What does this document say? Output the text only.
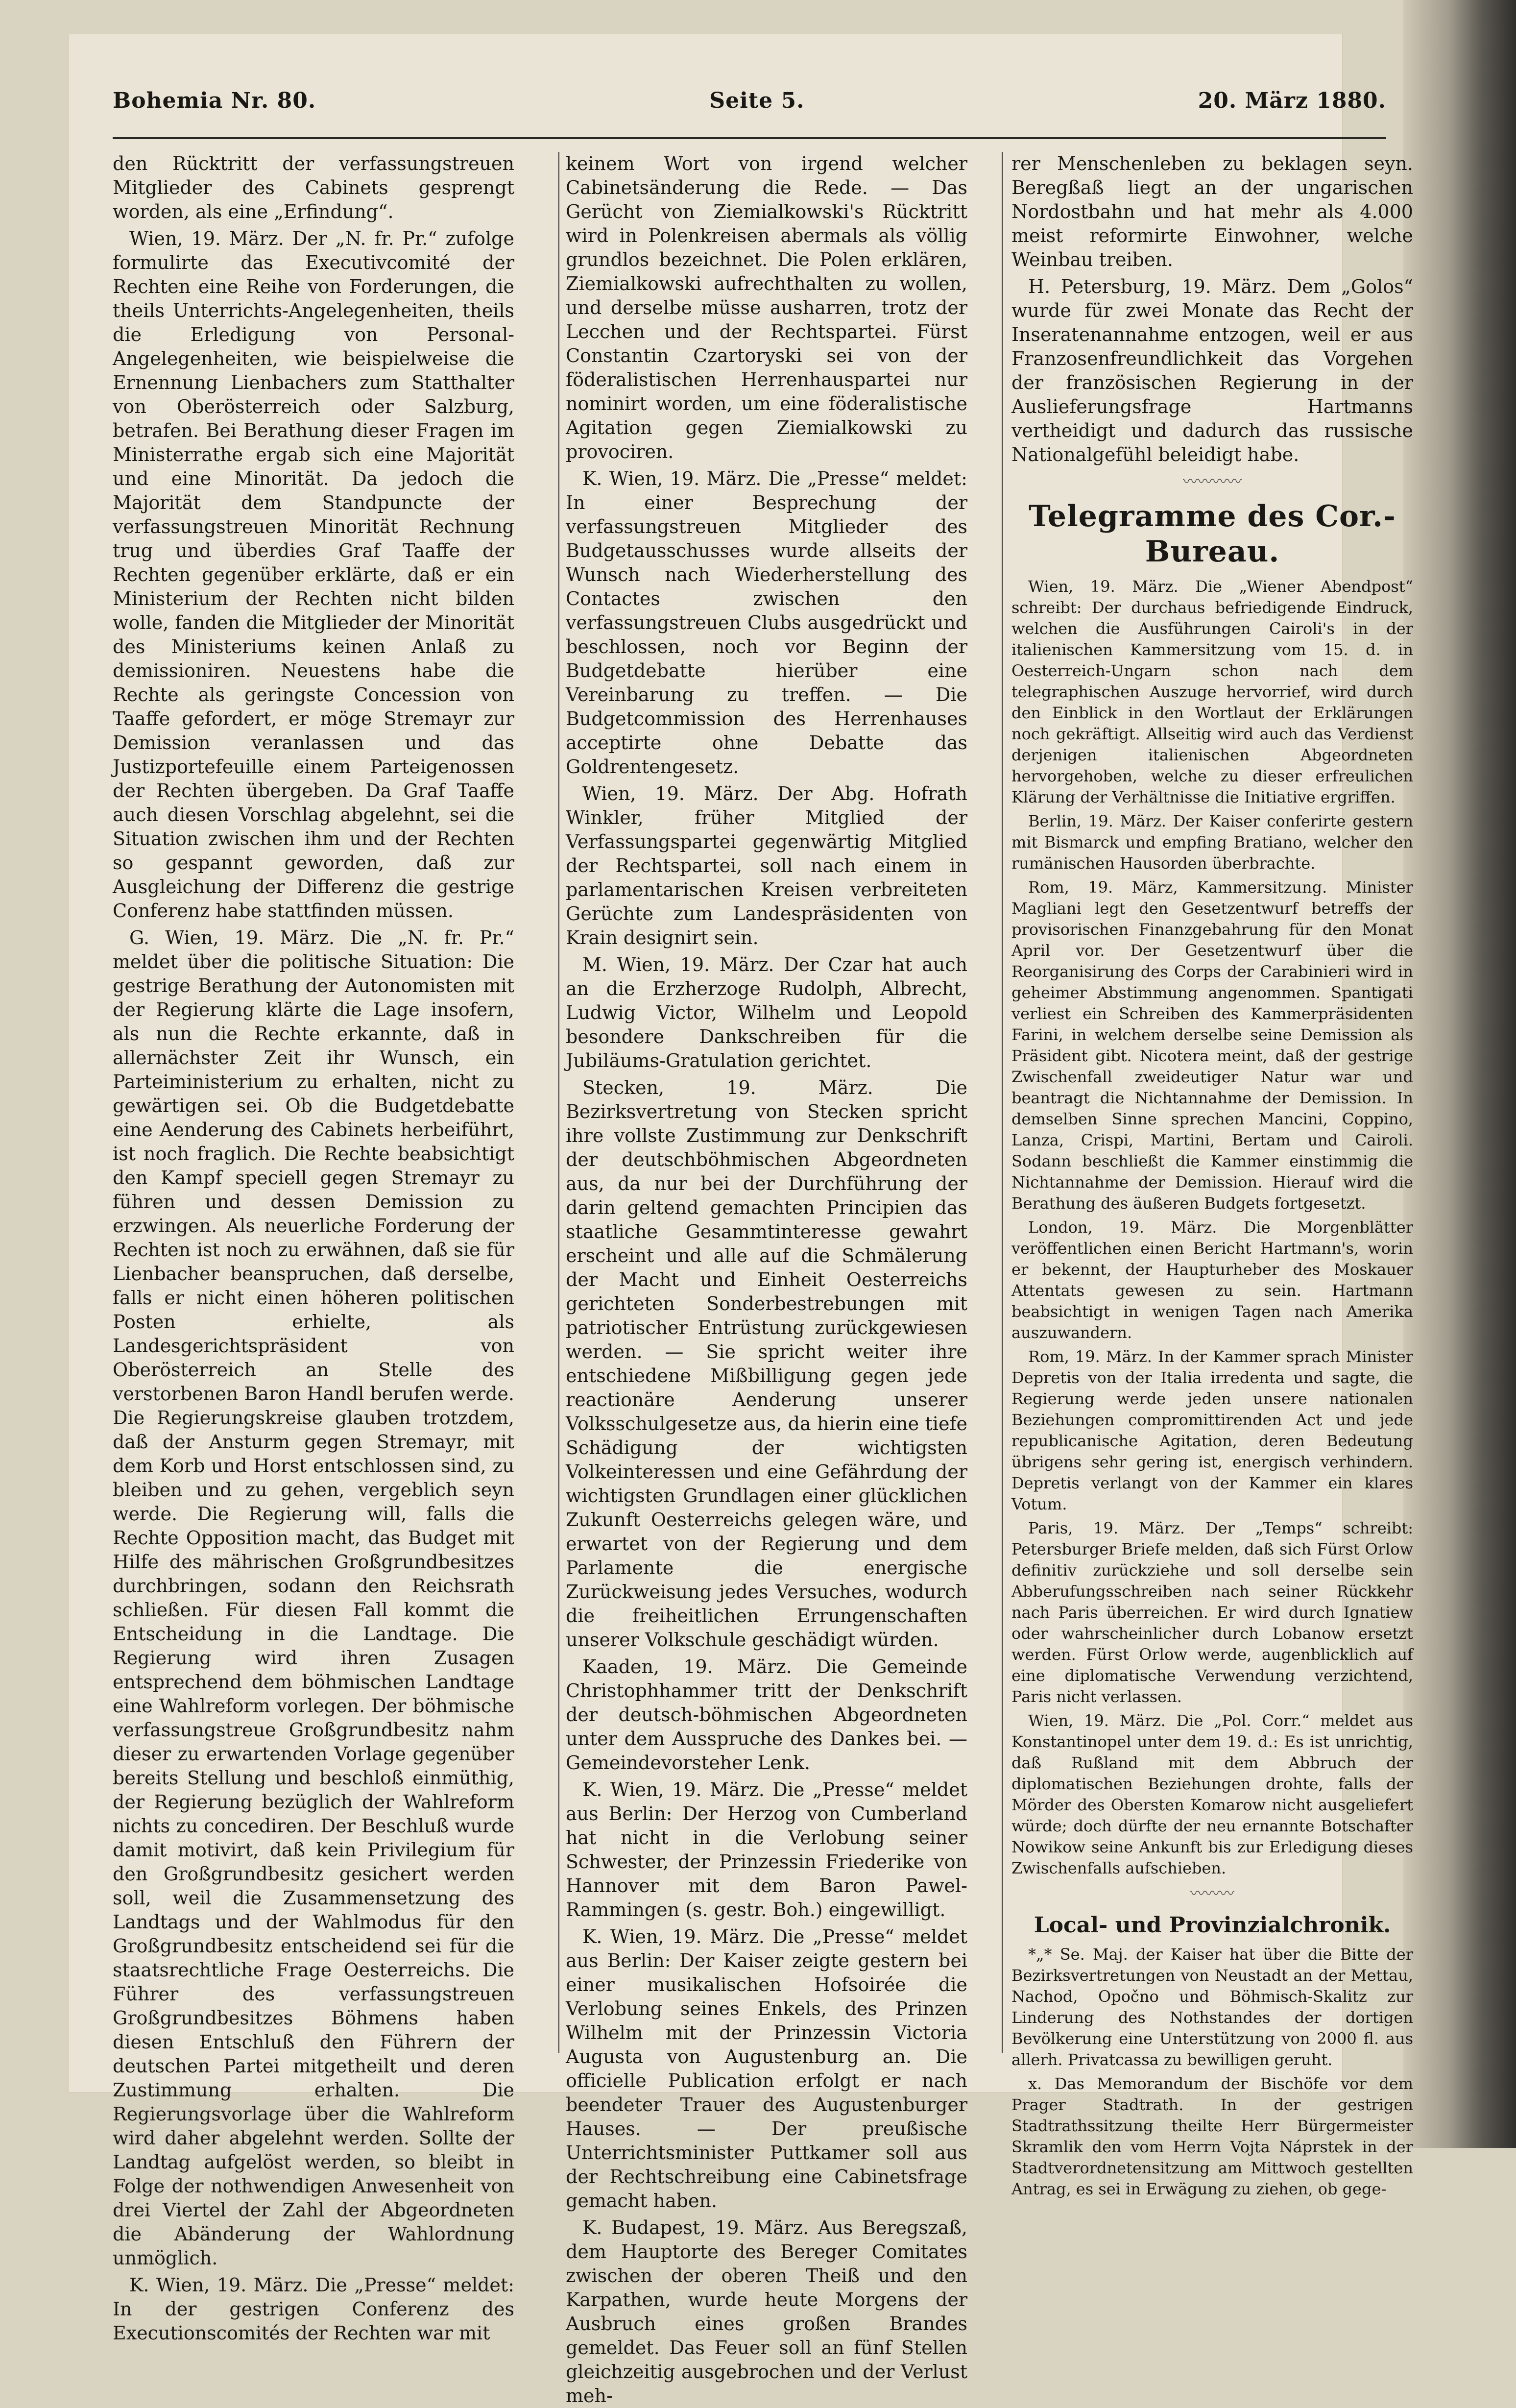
Bohemia Nr. 80.	Seite 5.	20. März 1880.

den Rücktritt der verfassungstreuen Mitglieder des Cabinets gesprengt worden, als eine „Erfindung“.

Wien, 19. März. Der „N. fr. Pr.“ zufolge formulirte das Executivcomité der Rechten eine Reihe von Forderungen, die theils Unterrichts-Angelegenheiten, theils die Erledigung von Personal-Angelegenheiten, wie beispielweise die Ernennung Lienbachers zum Statthalter von Oberösterreich oder Salzburg, betrafen. Bei Berathung dieser Fragen im Ministerrathe ergab sich eine Majorität und eine Minorität. Da jedoch die Majorität dem Standpuncte der verfassungstreuen Minorität Rechnung trug und überdies Graf Taaffe der Rechten gegenüber erklärte, daß er ein Ministerium der Rechten nicht bilden wolle, fanden die Mitglieder der Minorität des Ministeriums keinen Anlaß zu demissioniren. Neuestens habe die Rechte als geringste Concession von Taaffe gefordert, er möge Stremayr zur Demission veranlassen und das Justizportefeuille einem Parteigenossen der Rechten übergeben. Da Graf Taaffe auch diesen Vorschlag abgelehnt, sei die Situation zwischen ihm und der Rechten so gespannt geworden, daß zur Ausgleichung der Differenz die gestrige Conferenz habe stattfinden müssen.

G. Wien, 19. März. Die „N. fr. Pr.“ meldet über die politische Situation: Die gestrige Berathung der Autonomisten mit der Regierung klärte die Lage insofern, als nun die Rechte erkannte, daß in allernächster Zeit ihr Wunsch, ein Parteiministerium zu erhalten, nicht zu gewärtigen sei. Ob die Budgetdebatte eine Aenderung des Cabinets herbeiführt, ist noch fraglich. Die Rechte beabsichtigt den Kampf speciell gegen Stremayr zu führen und dessen Demission zu erzwingen. Als neuerliche Forderung der Rechten ist noch zu erwähnen, daß sie für Lienbacher beanspruchen, daß derselbe, falls er nicht einen höheren politischen Posten erhielte, als Landesgerichtspräsident von Oberösterreich an Stelle des verstorbenen Baron Handl berufen werde. Die Regierungskreise glauben trotzdem, daß der Ansturm gegen Stremayr, mit dem Korb und Horst entschlossen sind, zu bleiben und zu gehen, vergeblich seyn werde. Die Regierung will, falls die Rechte Opposition macht, das Budget mit Hilfe des mährischen Großgrundbesitzes durchbringen, sodann den Reichsrath schließen. Für diesen Fall kommt die Entscheidung in die Landtage. Die Regierung wird ihren Zusagen entsprechend dem böhmischen Landtage eine Wahlreform vorlegen. Der böhmische verfassungstreue Großgrundbesitz nahm dieser zu erwartenden Vorlage gegenüber bereits Stellung und beschloß einmüthig, der Regierung bezüglich der Wahlreform nichts zu concediren. Der Beschluß wurde damit motivirt, daß kein Privilegium für den Großgrundbesitz gesichert werden soll, weil die Zusammensetzung des Landtags und der Wahlmodus für den Großgrundbesitz entscheidend sei für die staatsrechtliche Frage Oesterreichs. Die Führer des verfassungstreuen Großgrundbesitzes Böhmens haben diesen Entschluß den Führern der deutschen Partei mitgetheilt und deren Zustimmung erhalten. Die Regierungsvorlage über die Wahlreform wird daher abgelehnt werden. Sollte der Landtag aufgelöst werden, so bleibt in Folge der nothwendigen Anwesenheit von drei Viertel der Zahl der Abgeordneten die Abänderung der Wahlordnung unmöglich.

K. Wien, 19. März. Die „Presse“ meldet: In der gestrigen Conferenz des Executionscomités der Rechten war mit

keinem Wort von irgend welcher Cabinetsänderung die Rede. — Das Gerücht von Ziemialkowski's Rücktritt wird in Polenkreisen abermals als völlig grundlos bezeichnet. Die Polen erklären, Ziemialkowski aufrechthalten zu wollen, und derselbe müsse ausharren, trotz der Lecchen und der Rechtspartei. Fürst Constantin Czartoryski sei von der föderalistischen Herrenhauspartei nur nominirt worden, um eine föderalistische Agitation gegen Ziemialkowski zu provociren.

K. Wien, 19. März. Die „Presse“ meldet: In einer Besprechung der verfassungstreuen Mitglieder des Budgetausschusses wurde allseits der Wunsch nach Wiederherstellung des Contactes zwischen den verfassungstreuen Clubs ausgedrückt und beschlossen, noch vor Beginn der Budgetdebatte hierüber eine Vereinbarung zu treffen. — Die Budgetcommission des Herrenhauses acceptirte ohne Debatte das Goldrentengesetz.

Wien, 19. März. Der Abg. Hofrath Winkler, früher Mitglied der Verfassungspartei gegenwärtig Mitglied der Rechtspartei, soll nach einem in parlamentarischen Kreisen verbreiteten Gerüchte zum Landespräsidenten von Krain designirt sein.

M. Wien, 19. März. Der Czar hat auch an die Erzherzoge Rudolph, Albrecht, Ludwig Victor, Wilhelm und Leopold besondere Dankschreiben für die Jubiläums-Gratulation gerichtet.

Stecken, 19. März. Die Bezirksvertretung von Stecken spricht ihre vollste Zustimmung zur Denkschrift der deutschböhmischen Abgeordneten aus, da nur bei der Durchführung der darin geltend gemachten Principien das staatliche Gesammtinteresse gewahrt erscheint und alle auf die Schmälerung der Macht und Einheit Oesterreichs gerichteten Sonderbestrebungen mit patriotischer Entrüstung zurückgewiesen werden. — Sie spricht weiter ihre entschiedene Mißbilligung gegen jede reactionäre Aenderung unserer Volksschulgesetze aus, da hierin eine tiefe Schädigung der wichtigsten Volkeinteressen und eine Gefährdung der wichtigsten Grundlagen einer glücklichen Zukunft Oesterreichs gelegen wäre, und erwartet von der Regierung und dem Parlamente die energische Zurückweisung jedes Versuches, wodurch die freiheitlichen Errungenschaften unserer Volkschule geschädigt würden.

Kaaden, 19. März. Die Gemeinde Christophhammer tritt der Denkschrift der deutsch-böhmischen Abgeordneten unter dem Ausspruche des Dankes bei. — Gemeindevorsteher Lenk.

K. Wien, 19. März. Die „Presse“ meldet aus Berlin: Der Herzog von Cumberland hat nicht in die Verlobung seiner Schwester, der Prinzessin Friederike von Hannover mit dem Baron Pawel-Rammingen (s. gestr. Boh.) eingewilligt.

K. Wien, 19. März. Die „Presse“ meldet aus Berlin: Der Kaiser zeigte gestern bei einer musikalischen Hofsoirée die Verlobung seines Enkels, des Prinzen Wilhelm mit der Prinzessin Victoria Augusta von Augustenburg an. Die officielle Publication erfolgt er nach beendeter Trauer des Augustenburger Hauses. — Der preußische Unterrichtsminister Puttkamer soll aus der Rechtschreibung eine Cabinetsfrage gemacht haben.

K. Budapest, 19. März. Aus Beregszaß, dem Hauptorte des Bereger Comitates zwischen der oberen Theiß und den Karpathen, wurde heute Morgens der Ausbruch eines großen Brandes gemeldet. Das Feuer soll an fünf Stellen gleichzeitig ausgebrochen und der Verlust meh-

rer Menschenleben zu beklagen seyn. Beregßaß liegt an der ungarischen Nordostbahn und hat mehr als 4.000 meist reformirte Einwohner, welche Weinbau treiben.

H. Petersburg, 19. März. Dem „Golos“ wurde für zwei Monate das Recht der Inseratenannahme entzogen, weil er aus Franzosenfreundlichkeit das Vorgehen der französischen Regierung in der Auslieferungsfrage Hartmanns vertheidigt und dadurch das russische Nationalgefühl beleidigt habe.

〰〰〰〰
Telegramme des Cor.-Bureau.

Wien, 19. März. Die „Wiener Abendpost“ schreibt: Der durchaus befriedigende Eindruck, welchen die Ausführungen Cairoli's in der italienischen Kammersitzung vom 15. d. in Oesterreich-Ungarn schon nach dem telegraphischen Auszuge hervorrief, wird durch den Einblick in den Wortlaut der Erklärungen noch gekräftigt. Allseitig wird auch das Verdienst derjenigen italienischen Abgeordneten hervorgehoben, welche zu dieser erfreulichen Klärung der Verhältnisse die Initiative ergriffen.

Berlin, 19. März. Der Kaiser conferirte gestern mit Bismarck und empfing Bratiano, welcher den rumänischen Hausorden überbrachte.

Rom, 19. März, Kammersitzung. Minister Magliani legt den Gesetzentwurf betreffs der provisorischen Finanzgebahrung für den Monat April vor. Der Gesetzentwurf über die Reorganisirung des Corps der Carabinieri wird in geheimer Abstimmung angenommen. Spantigati verliest ein Schreiben des Kammerpräsidenten Farini, in welchem derselbe seine Demission als Präsident gibt. Nicotera meint, daß der gestrige Zwischenfall zweideutiger Natur war und beantragt die Nichtannahme der Demission. In demselben Sinne sprechen Mancini, Coppino, Lanza, Crispi, Martini, Bertam und Cairoli. Sodann beschließt die Kammer einstimmig die Nichtannahme der Demission. Hierauf wird die Berathung des äußeren Budgets fortgesetzt.

London, 19. März. Die Morgenblätter veröffentlichen einen Bericht Hartmann's, worin er bekennt, der Haupturheber des Moskauer Attentats gewesen zu sein. Hartmann beabsichtigt in wenigen Tagen nach Amerika auszuwandern.

Rom, 19. März. In der Kammer sprach Minister Depretis von der Italia irredenta und sagte, die Regierung werde jeden unsere nationalen Beziehungen compromittirenden Act und jede republicanische Agitation, deren Bedeutung übrigens sehr gering ist, energisch verhindern. Depretis verlangt von der Kammer ein klares Votum.

Paris, 19. März. Der „Temps“ schreibt: Petersburger Briefe melden, daß sich Fürst Orlow definitiv zurückziehe und soll derselbe sein Abberufungsschreiben nach seiner Rückkehr nach Paris überreichen. Er wird durch Ignatiew oder wahrscheinlicher durch Lobanow ersetzt werden. Fürst Orlow werde, augenblicklich auf eine diplomatische Verwendung verzichtend, Paris nicht verlassen.

Wien, 19. März. Die „Pol. Corr.“ meldet aus Konstantinopel unter dem 19. d.: Es ist unrichtig, daß Rußland mit dem Abbruch der diplomatischen Beziehungen drohte, falls der Mörder des Obersten Komarow nicht ausgeliefert würde; doch dürfte der neu ernannte Botschafter Nowikow seine Ankunft bis zur Erledigung dieses Zwischenfalls aufschieben.

〰〰〰
Local- und Provinzialchronik.

*„* Se. Maj. der Kaiser hat über die Bitte der Bezirksvertretungen von Neustadt an der Mettau, Nachod, Opočno und Böhmisch-Skalitz zur Linderung des Nothstandes der dortigen Bevölkerung eine Unterstützung von 2000 fl. aus allerh. Privatcassa zu bewilligen geruht.

x. Das Memorandum der Bischöfe vor dem Prager Stadtrath. In der gestrigen Stadtrathssitzung theilte Herr Bürgermeister Skramlik den vom Herrn Vojta Náprstek in der Stadtverordnetensitzung am Mittwoch gestellten Antrag, es sei in Erwägung zu ziehen, ob gege-
